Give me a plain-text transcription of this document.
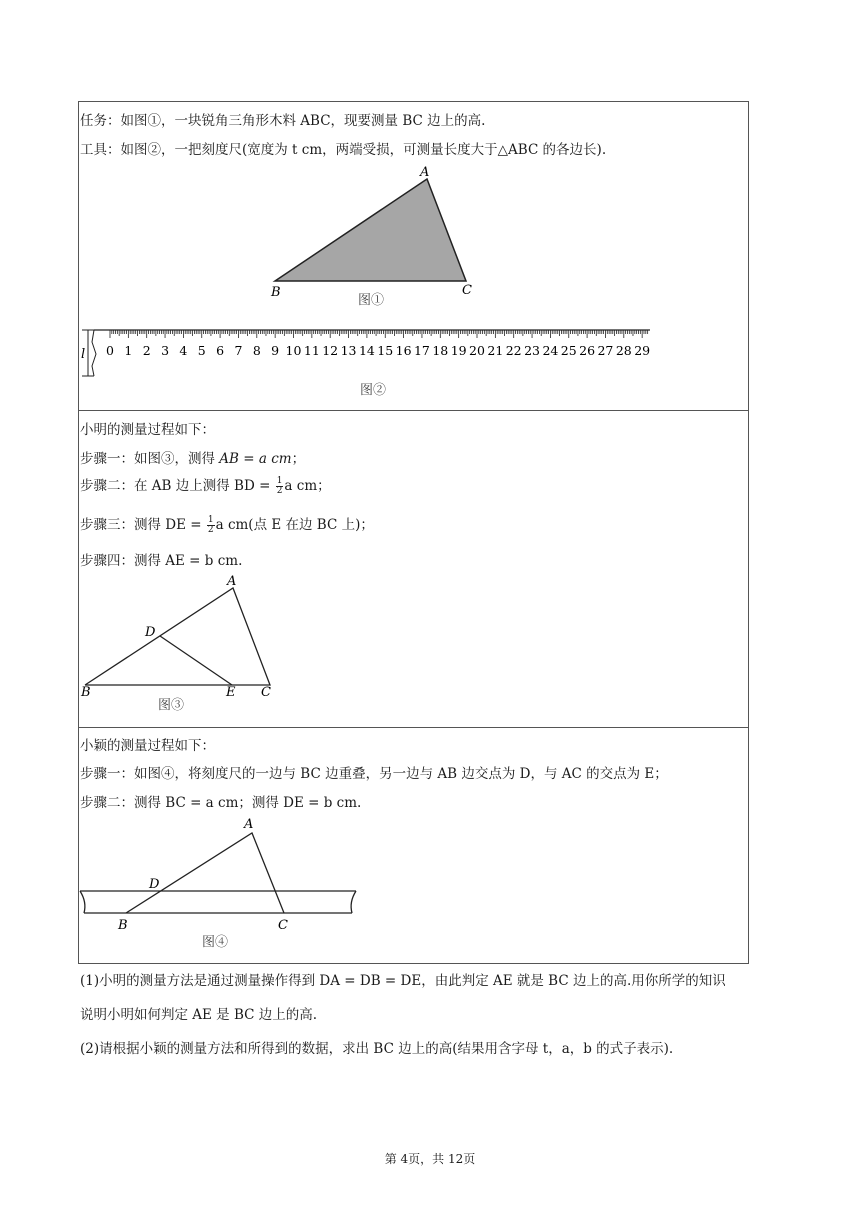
任务：如图①，一块锐角三角形木料 ABC，现要测量 BC 边上的高.
工具：如图②，一把刻度尺(宽度为 t cm，两端受损，可测量长度大于△ABC 的各边长).
A
B	C
图①
l 0 1 2 3 4 5 6 7 8 9 10 11 12 13 14 15 16 17 18 19 20 21 22 23 24 25 26 27 28 29
图②
小明的测量过程如下：
步骤一：如图③，测得 AB = a cm；
步骤二：在 AB 边上测得 BD = $\frac{1}{2}$ a cm；
步骤三：测得 DE = $\frac{1}{2}$ a cm(点 E 在边 BC 上)；
步骤四：测得 AE = b cm.
A
D
B	E C
图③
小颖的测量过程如下：
步骤一：如图④，将刻度尺的一边与 BC 边重叠，另一边与 AB 边交点为 D，与 AC 的交点为 E；
步骤二：测得 BC = a cm；测得 DE = b cm.
A
D
B	C
图④
(1)小明的测量方法是通过测量操作得到 DA = DB = DE，由此判定 AE 就是 BC 边上的高.用你所学的知识
说明小明如何判定 AE 是 BC 边上的高.
(2)请根据小颖的测量方法和所得到的数据，求出 BC 边上的高(结果用含字母 t，a，b 的式子表示).
第 4页，共 12页
